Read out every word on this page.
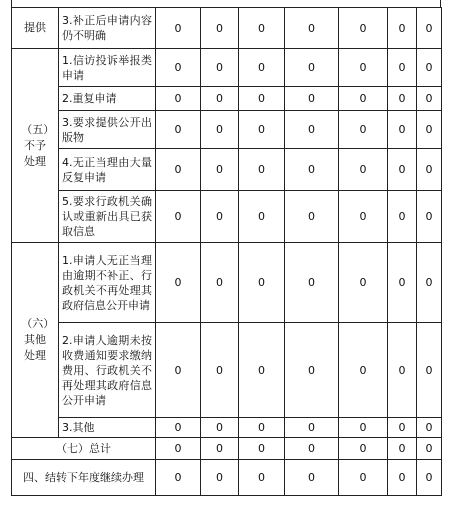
提供	3.补正后申请内容仍不明确	0	0	0	0	0	0	0

（五）不予处理	1.信访投诉举报类申请	0	0	0	0	0	0	0
	2.重复申请	0	0	0	0	0	0	0
	3.要求提供公开出版物	0	0	0	0	0	0	0
	4.无正当理由大量反复申请	0	0	0	0	0	0	0
	5.要求行政机关确认或重新出具已获取信息	0	0	0	0	0	0	0

（六）其他处理	1.申请人无正当理由逾期不补正、行政机关不再处理其政府信息公开申请	0	0	0	0	0	0	0
	2.申请人逾期未按收费通知要求缴纳费用、行政机关不再处理其政府信息公开申请	0	0	0	0	0	0	0
	3.其他	0	0	0	0	0	0	0
（七）总计		0	0	0	0	0	0	0
四、结转下年度继续办理		0	0	0	0	0	0	0
